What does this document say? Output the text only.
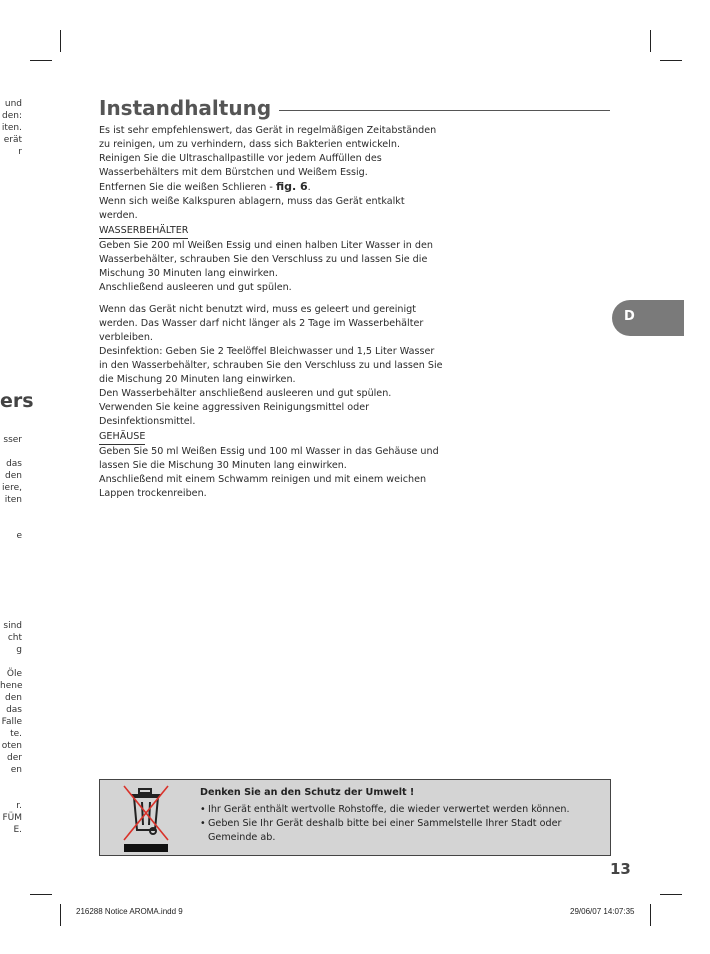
und
den:
iten.
erät
r
ers
sser

das
den
iere,
iten

e
sind
cht
g

Öle
hene
den
das
Falle
te.
oten
der
en

r.
FÜM
E.
Instandhaltung

Es ist sehr empfehlenswert, das Gerät in regelmäßigen Zeitabständen zu reinigen, um zu verhindern, dass sich Bakterien entwickeln.

Reinigen Sie die Ultraschallpastille vor jedem Auffüllen des Wasserbehälters mit dem Bürstchen und Weißem Essig.

Entfernen Sie die weißen Schlieren - fig. 6.

Wenn sich weiße Kalkspuren ablagern, muss das Gerät entkalkt werden.

WASSERBEHÄLTER

Geben Sie 200 ml Weißen Essig und einen halben Liter Wasser in den Wasserbehälter, schrauben Sie den Verschluss zu und lassen Sie die Mischung 30 Minuten lang einwirken.

Anschließend ausleeren und gut spülen.

Wenn das Gerät nicht benutzt wird, muss es geleert und gereinigt werden. Das Wasser darf nicht länger als 2 Tage im Wasserbehälter verbleiben.

Desinfektion: Geben Sie 2 Teelöffel Bleichwasser und 1,5 Liter Wasser in den Wasserbehälter, schrauben Sie den Verschluss zu und lassen Sie die Mischung 20 Minuten lang einwirken.

Den Wasserbehälter anschließend ausleeren und gut spülen. Verwenden Sie keine aggressiven Reinigungsmittel oder Desinfektionsmittel.

GEHÄUSE

Geben Sie 50 ml Weißen Essig und 100 ml Wasser in das Gehäuse und lassen Sie die Mischung 30 Minuten lang einwirken.

Anschließend mit einem Schwamm reinigen und mit einem weichen Lappen trockenreiben.

D
Denken Sie an den Schutz der Umwelt !
• Ihr Gerät enthält wertvolle Rohstoffe, die wieder verwertet werden können.
• Geben Sie Ihr Gerät deshalb bitte bei einer Sammelstelle Ihrer Stadt oder Gemeinde ab.
13
216288 Notice AROMA.indd 9	29/06/07 14:07:35
